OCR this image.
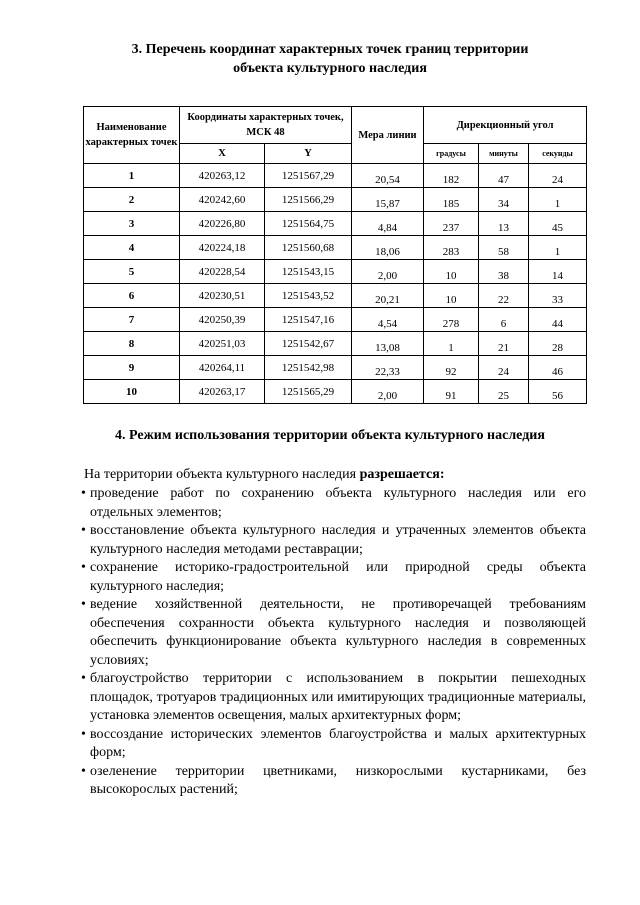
3. Перечень координат характерных точек границ территории
объекта культурного наследия
Наименование характерных точек	Координаты характерных точек, МСК 48		Мера линии	Дирекционный угол		
	X	Y		градусы	минуты	секунды
1	420263,12	1251567,29	20,54	182	47	24
2	420242,60	1251566,29	15,87	185	34	1
3	420226,80	1251564,75	4,84	237	13	45
4	420224,18	1251560,68	18,06	283	58	1
5	420228,54	1251543,15	2,00	10	38	14
6	420230,51	1251543,52	20,21	10	22	33
7	420250,39	1251547,16	4,54	278	6	44
8	420251,03	1251542,67	13,08	1	21	28
9	420264,11	1251542,98	22,33	92	24	46
10	420263,17	1251565,29	2,00	91	25	56
4. Режим использования территории объекта культурного наследия
На территории объекта культурного наследия разрешается:
• проведение работ по сохранению объекта культурного наследия или его отдельных элементов;
• восстановление объекта культурного наследия и утраченных элементов объекта культурного наследия методами реставрации;
• сохранение историко-градостроительной или природной среды объекта культурного наследия;
• ведение хозяйственной деятельности, не противоречащей требованиям обеспечения сохранности объекта культурного наследия и позволяющей обеспечить функционирование объекта культурного наследия в современных условиях;
• благоустройство территории с использованием в покрытии пешеходных площадок, тротуаров традиционных или имитирующих традиционные материалы, установка элементов освещения, малых архитектурных форм;
• воссоздание исторических элементов благоустройства и малых архитектурных форм;
• озеленение территории цветниками, низкорослыми кустарниками, без высокорослых растений;
